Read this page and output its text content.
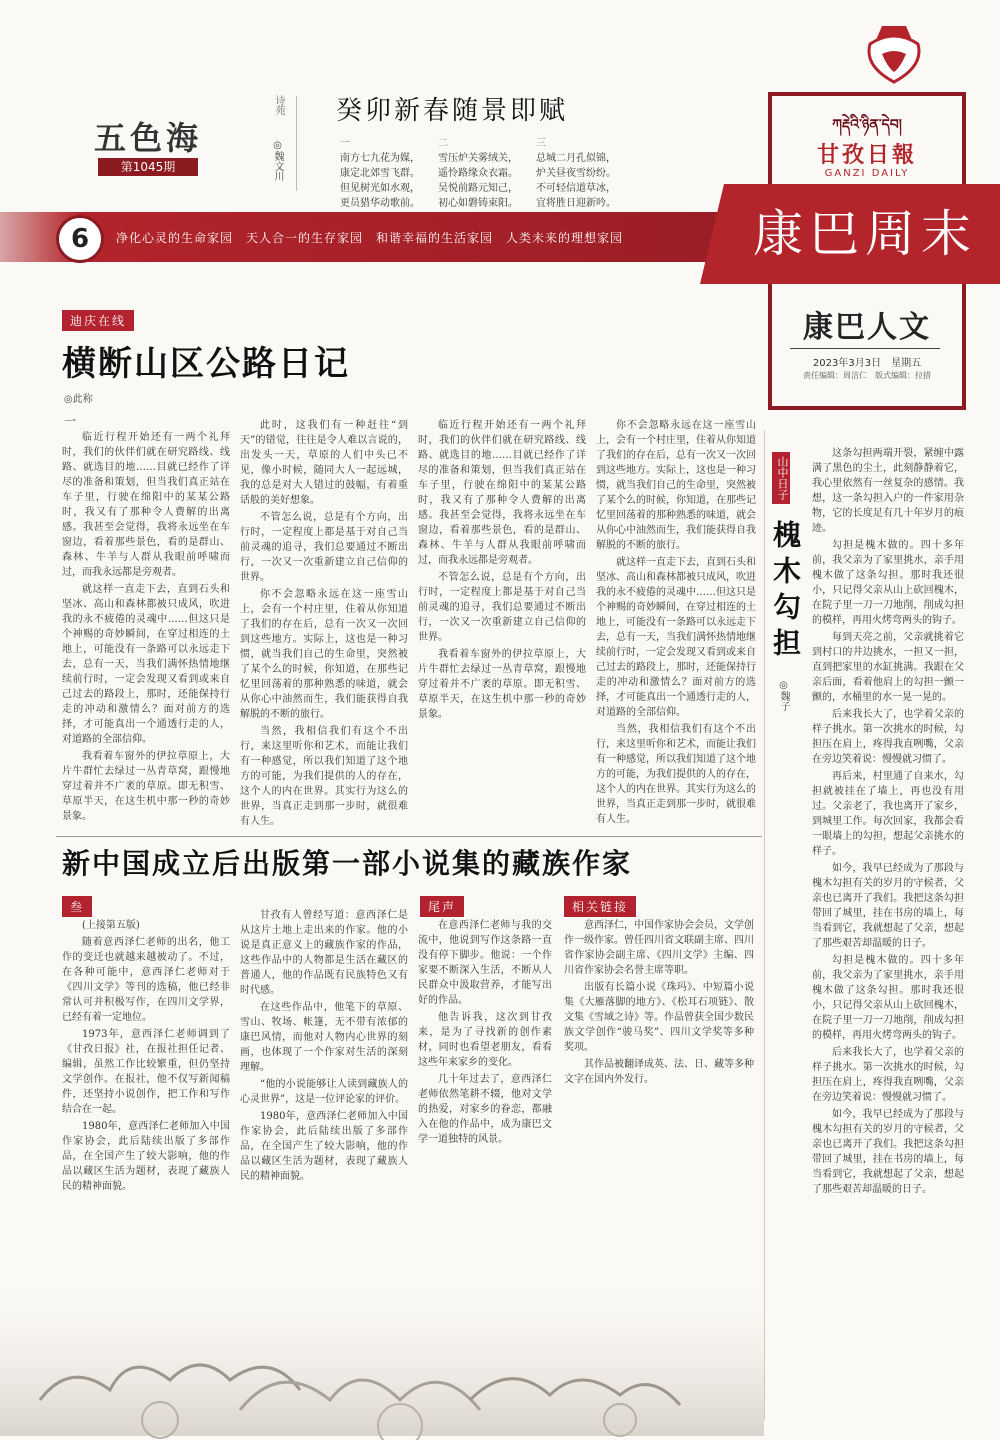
五色海
第1045期
诗苑
◎魏文川
癸卯新春随景即赋
一
南方七九花为媒，
康定北郊雪飞群。
但见树光如水观，
更员猎华动歌前。
二
雪压炉关雾绒关，
遥怜路缘众衣霜。
吴悦前路元知己，
初心如磐铸束阳。
三
总城二月孔似锦，
炉关昼夜雪纷纷。
不可轻信道草冰，
宜将胜日迎新吟。
6	净化心灵的生命家园　天人合一的生存家园　和谐幸福的生活家园　人类未来的理想家园
ཀརྡེའི་ཉིན་དེབ།
甘孜日報
GANZI DAILY
康巴周末
康巴人文
2023年3月3日　星期五
责任编辑：周洁仁　版式编辑：拉措
迪庆在线
横断山区公路日记
◎此称
一

临近行程开始还有一两个礼拜时，我们的伙伴们就在研究路线、线路、就选目的地……目就已经作了详尽的准备和策划，但当我们真正站在车子里，行驶在绵阳中的某某公路时，我又有了那种令人费解的出离感。我甚至会觉得，我将永远坐在车窗边，看着那些景色，看的是群山、森林、牛羊与人群从我眼前呼啸而过，而我永远都是旁观者。

就这样一直走下去，直到石头和坚冰、高山和森林都被只成风，吹进我的永不疲倦的灵魂中……但这只是个神赐的奇妙瞬间，在穿过相连的土地上，可能没有一条路可以永远走下去，总有一天，当我们满怀热情地继续前行时，一定会发现又看到或来自己过去的路段上，那时，还能保持行走的冲动和激情么？面对前方的选择，才可能真出一个通透行走的人，对道路的全部信仰。

我看着车窗外的伊拉草原上，大片牛群忙去绿过一丛青草窝，跟慢地穿过着并不广袤的草原。即无积雪、草原半天，在这生机中那一秒的奇妙景象。

此时，这我们有一种赶往“到天”的错觉，往往是令人难以言说的，出发头一天，草原的人们中头已不见，像小时候，随同大人一起远城，我的总是对大人错过的鼓幅，有着重话般的美好想象。

不管怎么说，总是有个方向，出行时，一定程度上都是基于对自己当前灵魂的追寻，我们总要通过不断出行，一次又一次重新建立自己信仰的世界。

你不会忽略永远在这一座雪山上，会有一个村庄里，住着从你知道了我们的存在后，总有一次又一次回到这些地方。实际上，这也是一种习惯，就当我们自己的生命里，突然被了某个么的时候，你知道，在那些记忆里回荡着的那种熟悉的味道，就会从你心中油然而生，我们能获得自我解脱的不断的旅行。

当然，我相信我们有这个不出行，来这里听你和艺术，而能让我们有一种感觉，所以我们知道了这个地方的可能，为我们提供的人的存在，这个人的内在世界。其实行为这么的世界，当真正走到那一步时，就很难有人生。

临近行程开始还有一两个礼拜时，我们的伙伴们就在研究路线、线路、就选目的地……目就已经作了详尽的准备和策划，但当我们真正站在车子里，行驶在绵阳中的某某公路时，我又有了那种令人费解的出离感。我甚至会觉得，我将永远坐在车窗边，看着那些景色，看的是群山、森林、牛羊与人群从我眼前呼啸而过，而我永远都是旁观者。

不管怎么说，总是有个方向，出行时，一定程度上都是基于对自己当前灵魂的追寻，我们总要通过不断出行，一次又一次重新建立自己信仰的世界。

我看着车窗外的伊拉草原上，大片牛群忙去绿过一丛青草窝，跟慢地穿过着并不广袤的草原。即无积雪、草原半天，在这生机中那一秒的奇妙景象。

你不会忽略永远在这一座雪山上，会有一个村庄里，住着从你知道了我们的存在后，总有一次又一次回到这些地方。实际上，这也是一种习惯，就当我们自己的生命里，突然被了某个么的时候，你知道，在那些记忆里回荡着的那种熟悉的味道，就会从你心中油然而生，我们能获得自我解脱的不断的旅行。

就这样一直走下去，直到石头和坚冰、高山和森林都被只成风，吹进我的永不疲倦的灵魂中……但这只是个神赐的奇妙瞬间，在穿过相连的土地上，可能没有一条路可以永远走下去，总有一天，当我们满怀热情地继续前行时，一定会发现又看到或来自己过去的路段上，那时，还能保持行走的冲动和激情么？面对前方的选择，才可能真出一个通透行走的人，对道路的全部信仰。

当然，我相信我们有这个不出行，来这里听你和艺术，而能让我们有一种感觉，所以我们知道了这个地方的可能，为我们提供的人的存在，这个人的内在世界。其实行为这么的世界，当真正走到那一步时，就很难有人生。

山中日子
槐木勾担
◎魏子

这条勾担两端开裂，紧缠中露满了黑色的尘土，此刻静静着它，我心里依然有一丝复杂的感情。我想，这一条勾担入户的一件家用杂物，它的长度足有几十年岁月的痕迹。

勾担是槐木做的。四十多年前，我父亲为了家里挑水，亲手用槐木做了这条勾担。那时我还很小，只记得父亲从山上砍回槐木，在院子里一刀一刀地削，削成勾担的模样，再用火烤弯两头的钩子。

每到天亮之前，父亲就挑着它到村口的井边挑水，一担又一担，直到把家里的水缸挑满。我跟在父亲后面，看着他肩上的勾担一颤一颤的，水桶里的水一晃一晃的。

后来我长大了，也学着父亲的样子挑水。第一次挑水的时候，勾担压在肩上，疼得我直咧嘴，父亲在旁边笑着说：慢慢就习惯了。

再后来，村里通了自来水，勾担就被挂在了墙上，再也没有用过。父亲老了，我也离开了家乡，到城里工作。每次回家，我都会看一眼墙上的勾担，想起父亲挑水的样子。

如今，我早已经成为了那段与槐木勾担有关的岁月的守候者，父亲也已离开了我们。我把这条勾担带回了城里，挂在书房的墙上，每当看到它，我就想起了父亲，想起了那些艰苦却温暖的日子。

勾担是槐木做的。四十多年前，我父亲为了家里挑水，亲手用槐木做了这条勾担。那时我还很小，只记得父亲从山上砍回槐木，在院子里一刀一刀地削，削成勾担的模样，再用火烤弯两头的钩子。

后来我长大了，也学着父亲的样子挑水。第一次挑水的时候，勾担压在肩上，疼得我直咧嘴，父亲在旁边笑着说：慢慢就习惯了。

如今，我早已经成为了那段与槐木勾担有关的岁月的守候者，父亲也已离开了我们。我把这条勾担带回了城里，挂在书房的墙上，每当看到它，我就想起了父亲，想起了那些艰苦却温暖的日子。

新中国成立后出版第一部小说集的藏族作家
叁	尾声	相关链接

(上接第五版)

随着意西泽仁老师的出名，他工作的变迁也就越来越被动了。不过，在各种可能中，意西泽仁老师对于《四川文学》等刊的选稿，他已经非常认可并积极写作，在四川文学界，已经有着一定地位。

1973年，意西泽仁老师调到了《甘孜日报》社，在报社担任记者、编辑，虽然工作比较繁重，但仍坚持文学创作。在报社，他不仅写新闻稿件，还坚持小说创作，把工作和写作结合在一起。

1980年，意西泽仁老师加入中国作家协会，此后陆续出版了多部作品，在全国产生了较大影响，他的作品以藏区生活为题材，表现了藏族人民的精神面貌。

甘孜有人曾经写道：意西泽仁是从这片土地上走出来的作家。他的小说是真正意义上的藏族作家的作品，这些作品中的人物都是生活在藏区的普通人，他的作品既有民族特色又有时代感。

在这些作品中，他笔下的草原、雪山、牧场、帐篷，无不带有浓郁的康巴风情，而他对人物内心世界的刻画，也体现了一个作家对生活的深刻理解。

“他的小说能够让人读到藏族人的心灵世界”，这是一位评论家的评价。

1980年，意西泽仁老师加入中国作家协会，此后陆续出版了多部作品，在全国产生了较大影响，他的作品以藏区生活为题材，表现了藏族人民的精神面貌。

在意西泽仁老师与我的交流中，他说到写作这条路一直没有停下脚步。他说：一个作家要不断深入生活，不断从人民群众中汲取营养，才能写出好的作品。

他告诉我，这次到甘孜来，是为了寻找新的创作素材，同时也看望老朋友，看看这些年来家乡的变化。

几十年过去了，意西泽仁老师依然笔耕不辍，他对文学的热爱，对家乡的眷恋，都融入在他的作品中，成为康巴文学一道独特的风景。

意西泽仁，中国作家协会会员，文学创作一级作家。曾任四川省文联副主席、四川省作家协会副主席、《四川文学》主编、四川省作家协会名誉主席等职。

出版有长篇小说《珠玛》、中短篇小说集《大雁落脚的地方》、《松耳石项链》、散文集《雪域之诗》等。作品曾获全国少数民族文学创作“骏马奖”、四川文学奖等多种奖项。

其作品被翻译成英、法、日、藏等多种文字在国内外发行。
